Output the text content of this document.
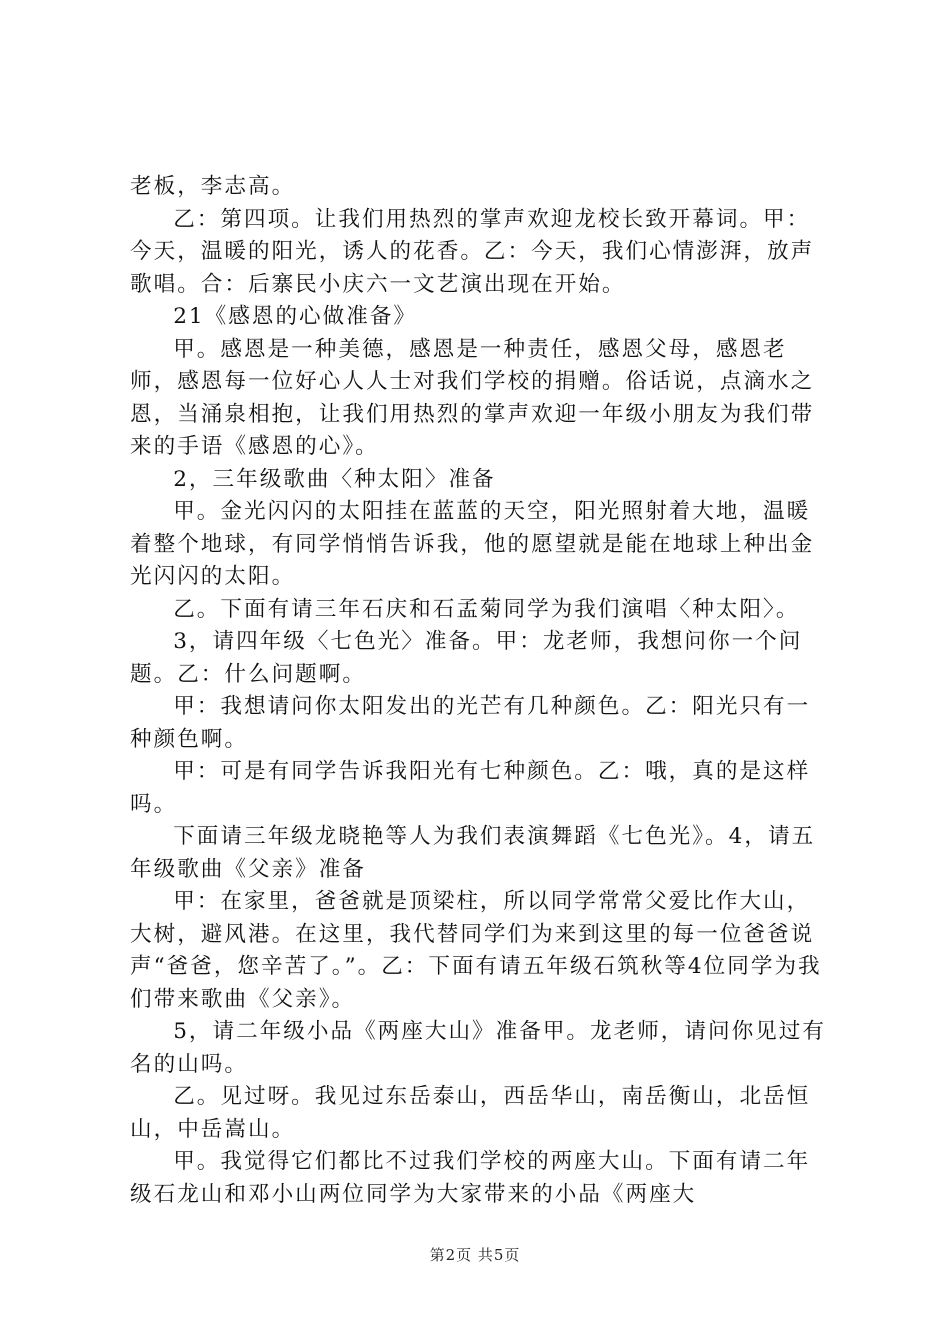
老板，李志高。

乙：第四项。让我们用热烈的掌声欢迎龙校长致开幕词。甲：今天，温暖的阳光，诱人的花香。乙：今天，我们心情澎湃，放声歌唱。合：后寨民小庆六一文艺演出现在开始。

21《感恩的心做准备》

甲。感恩是一种美德，感恩是一种责任，感恩父母，感恩老师，感恩每一位好心人人士对我们学校的捐赠。俗话说，点滴水之恩，当涌泉相抱，让我们用热烈的掌声欢迎一年级小朋友为我们带来的手语《感恩的心》。

2，三年级歌曲〈种太阳〉准备

甲。金光闪闪的太阳挂在蓝蓝的天空，阳光照射着大地，温暖着整个地球，有同学悄悄告诉我，他的愿望就是能在地球上种出金光闪闪的太阳。

乙。下面有请三年石庆和石孟菊同学为我们演唱〈种太阳〉。

3，请四年级〈七色光〉准备。甲：龙老师，我想问你一个问题。乙：什么问题啊。

甲：我想请问你太阳发出的光芒有几种颜色。乙：阳光只有一种颜色啊。

甲：可是有同学告诉我阳光有七种颜色。乙：哦，真的是这样吗。

下面请三年级龙晓艳等人为我们表演舞蹈《七色光》。4，请五年级歌曲《父亲》准备

甲：在家里，爸爸就是顶梁柱，所以同学常常父爱比作大山，大树，避风港。在这里，我代替同学们为来到这里的每一位爸爸说声“爸爸，您辛苦了。”。乙：下面有请五年级石筑秋等4位同学为我们带来歌曲《父亲》。

5，请二年级小品《两座大山》准备甲。龙老师，请问你见过有名的山吗。

乙。见过呀。我见过东岳泰山，西岳华山，南岳衡山，北岳恒山，中岳嵩山。

甲。我觉得它们都比不过我们学校的两座大山。下面有请二年级石龙山和邓小山两位同学为大家带来的小品《两座大

第2页 共5页
